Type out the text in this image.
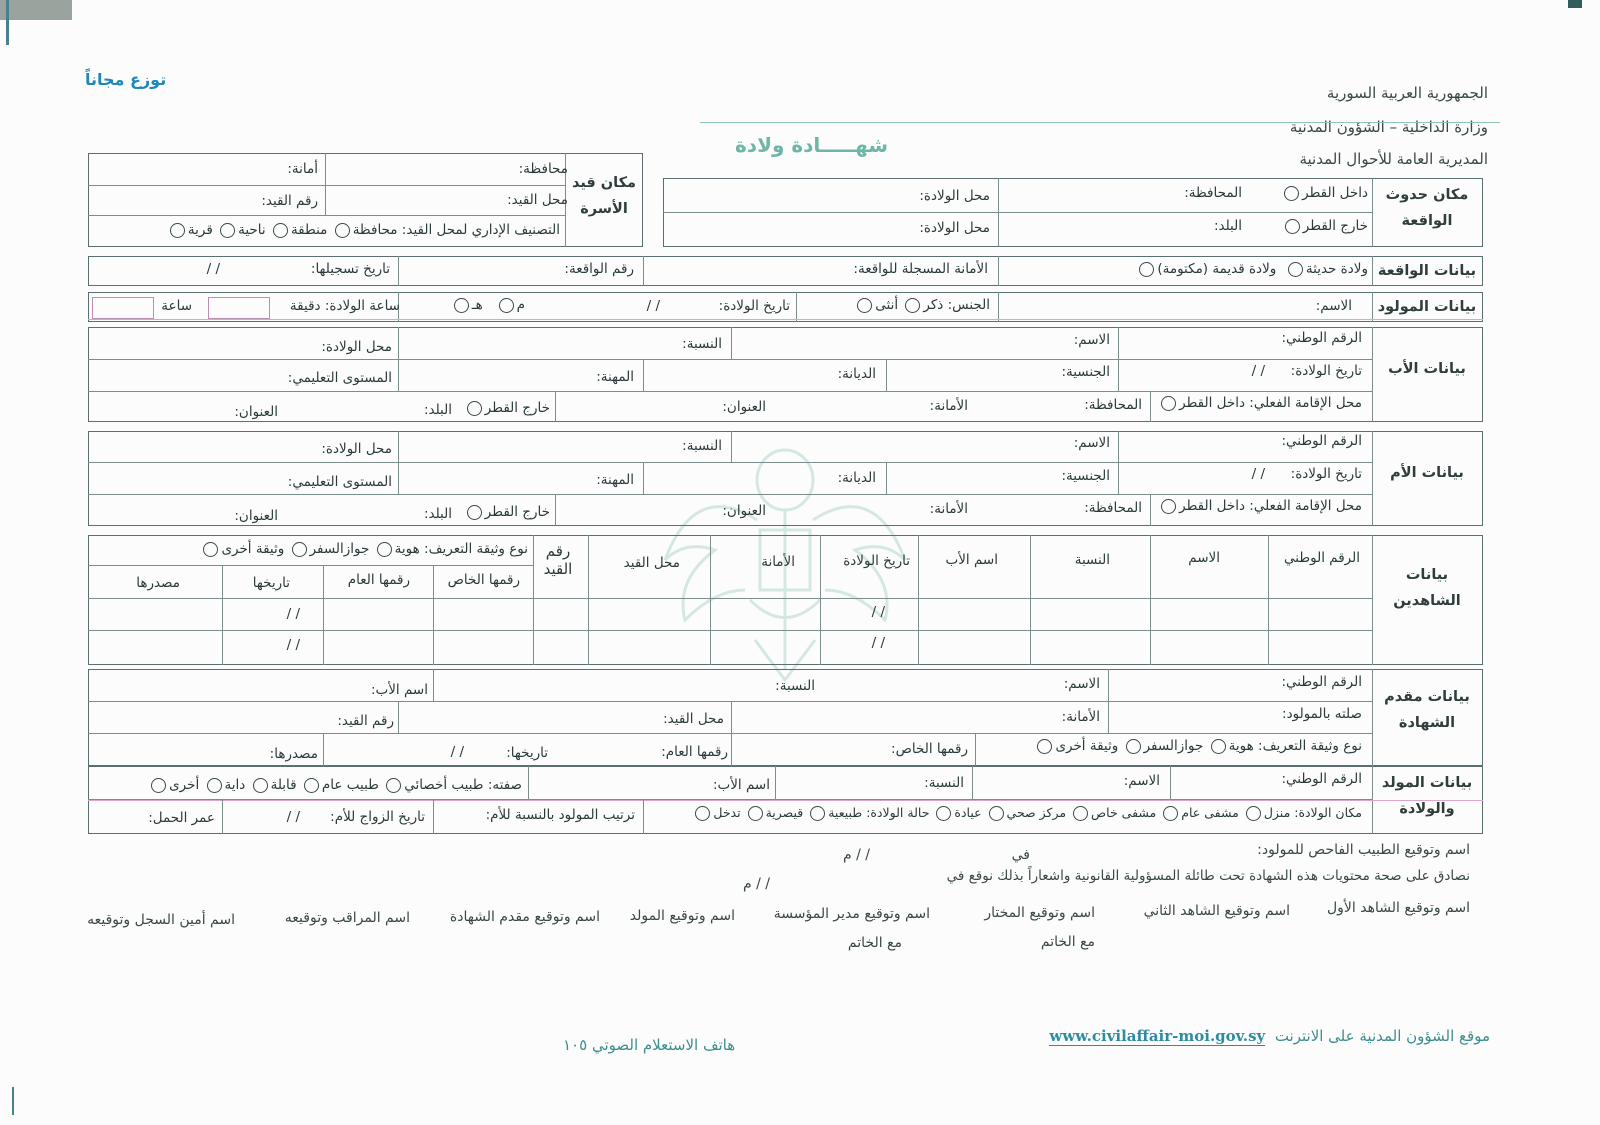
توزع مجاناً
الجمهورية العربية السورية
وزارة الداخلية – الشؤون المدنية
المديرية العامة للأحوال المدنية
شهـــــادة ولادة
مكان قيد الأسرة
محافظة:
أمانة:
محل القيد:
رقم القيد:
التصنيف الإداري لمحل القيد: محافظة منطقة ناحية قرية
مكان حدوث الواقعة
داخل القطر
خارج القطر
المحافظة:
البلد:
محل الولادة:
محل الولادة:
بيانات الواقعة
ولادة حديثة  ولادة قديمة (مكتومة)
الأمانة المسجلة للواقعة:
رقم الواقعة:
تاريخ تسجيلها:
/ /
بيانات المولود
الاسم:
الجنس: ذكر أنثى
تاريخ الولادة:
/ /
م   هـ
ساعة الولادة: دقيقة
ساعة
بيانات الأب
الرقم الوطني:
الاسم:
النسبة:
محل الولادة:
تاريخ الولادة:
/ /
الجنسية:
الديانة:
المهنة:
المستوى التعليمي:
محل الإقامة الفعلي: داخل القطر
المحافظة:
الأمانة:
العنوان:
خارج القطر
البلد:
العنوان:
بيانات الأم
الرقم الوطني:
الاسم:
النسبة:
محل الولادة:
تاريخ الولادة:
/ /
الجنسية:
الديانة:
المهنة:
المستوى التعليمي:
محل الإقامة الفعلي: داخل القطر
المحافظة:
الأمانة:
العنوان:
خارج القطر
البلد:
العنوان:
بيانات الشاهدين
الرقم الوطني
الاسم
النسبة
اسم الأب
تاريخ الولادة
الأمانة
محل القيد
رقم القيد
نوع وثيقة التعريف: هوية جوازالسفر وثيقة أخرى
رقمها الخاص
رقمها العام
تاريخها
مصدرها
/ /
/ /
/ /
/ /
بيانات مقدم الشهادة
الرقم الوطني:
الاسم:
النسبة:
اسم الأب:
صلته بالمولود:
الأمانة:
محل القيد:
رقم القيد:
نوع وثيقة التعريف: هوية جوازالسفر وثيقة أخرى
رقمها الخاص:
رقمها العام:
تاريخها:
/ /
مصدرها:
بيانات المولد والولادة
الرقم الوطني:
الاسم:
النسبة:
اسم الأب:
صفته: طبيب أخصائي طبيب عام قابلة داية أخرى
مكان الولادة: منزل مشفى عام مشفى خاص مركز صحي عيادة حالة الولادة: طبيعية قيصرية تدخل
ترتيب المولود بالنسبة للأم:
تاريخ الزواج للأم:
/ /
عمر الحمل:
اسم وتوقيع الطبيب الفاحص للمولود:
في
/ / م
نصادق على صحة محتويات هذه الشهادة تحت طائلة المسؤولية القانونية واشعاراً بذلك نوقع في
/ / م
اسم وتوقيع الشاهد الأول
اسم وتوقيع الشاهد الثاني
اسم وتوقيع المختار
اسم وتوقيع مدير المؤسسة
اسم وتوقيع المولد
اسم وتوقيع مقدم الشهادة
اسم المراقب وتوقيعه
اسم أمين السجل وتوقيعه
مع الخاتم
مع الخاتم
موقع الشؤون المدنية على الانترنت  www.civilaffair-moi.gov.sy
هاتف الاستعلام الصوتي ١٠٥
